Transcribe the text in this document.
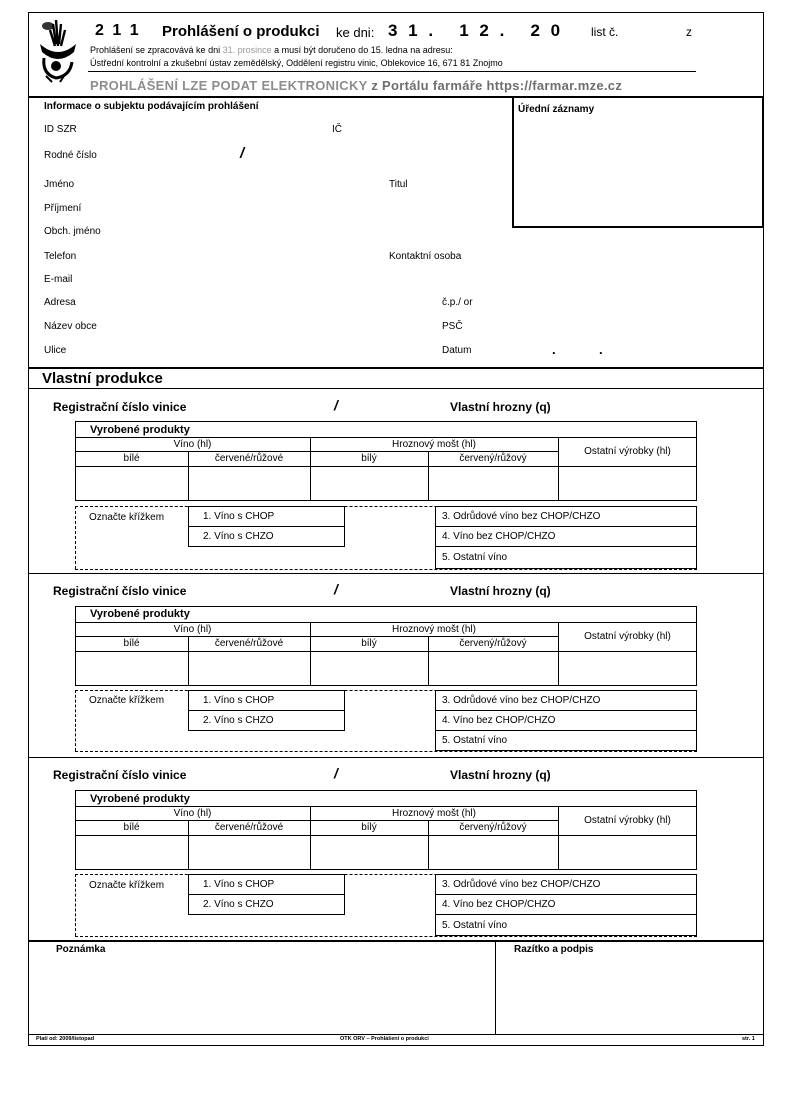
2 1 1 Prohlášení o produkci ke dni: 3 1 .   1 2 .   2 0 list č.	z
Prohlášení se zpracovává ke dni 31. prosince a musí být doručeno do 15. ledna na adresu:
Ústřední kontrolní a zkušební ústav zemědělský, Oddělení registru vinic, Oblekovice 16, 671 81 Znojmo
PROHLÁŠENÍ LZE PODAT ELEKTRONICKY z Portálu farmáře https://farmar.mze.cz
Informace o subjektu podávajícím prohlášení	Úřední záznamy
ID SZR	IČ
Rodné číslo	/
Jméno	Titul
Příjmení
Obch. jméno
Telefon	Kontaktní osoba
E-mail
Adresa	č.p./ or
Název obce	PSČ
Ulice	Datum	.            .
Vlastní produkce
Registrační číslo vinice	/	Vlastní hrozny (q)
Vyrobené produkty
Víno (hl)	Hroznový mošt (hl)
Ostatní výrobky (hl)
bílé	červené/růžové	bílý	červený/růžový
Označte křížkem	1. Víno s CHOP
2. Víno s CHZO
3. Odrůdové víno bez CHOP/CHZO
4. Víno bez CHOP/CHZO
5. Ostatní víno
Registrační číslo vinice	/	Vlastní hrozny (q)
Vyrobené produkty
Víno (hl)	Hroznový mošt (hl)
Ostatní výrobky (hl)
bílé	červené/růžové	bílý	červený/růžový
Označte křížkem	1. Víno s CHOP
2. Víno s CHZO
3. Odrůdové víno bez CHOP/CHZO
4. Víno bez CHOP/CHZO
5. Ostatní víno
Registrační číslo vinice	/	Vlastní hrozny (q)
Vyrobené produkty
Víno (hl)	Hroznový mošt (hl)
Ostatní výrobky (hl)
bílé	červené/růžové	bílý	červený/růžový
Označte křížkem	1. Víno s CHOP
2. Víno s CHZO
3. Odrůdové víno bez CHOP/CHZO
4. Víno bez CHOP/CHZO
5. Ostatní víno
Poznámka	Razítko a podpis
Platí od: 2009/listopad	OTK ORV – Prohlášení o produkci	str. 1
